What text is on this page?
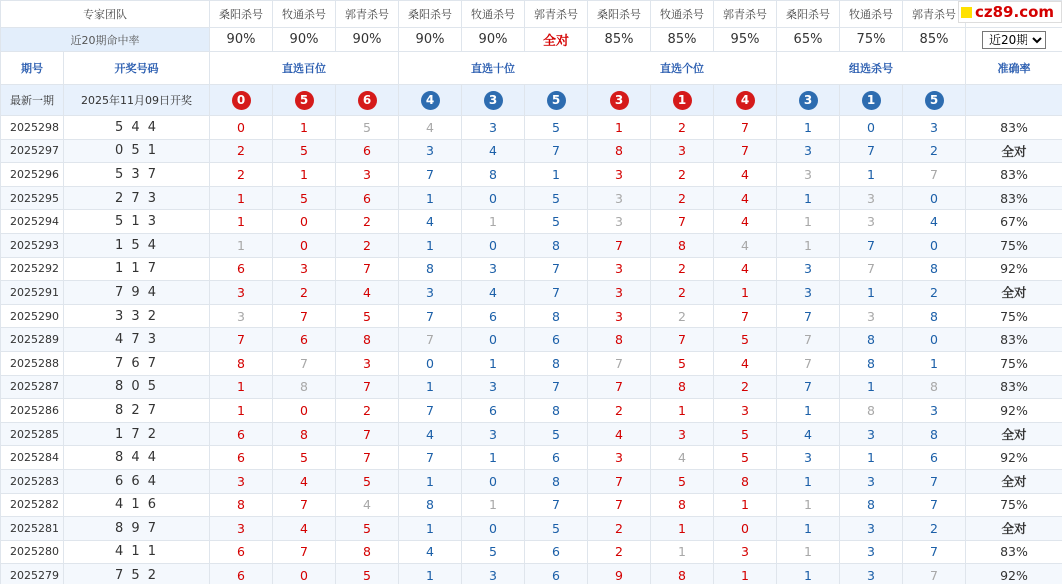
专家团队		桑阳杀号	牧通杀号	郭青杀号	桑阳杀号	牧通杀号	郭青杀号	桑阳杀号	牧通杀号	郭青杀号	桑阳杀号	牧通杀号	郭青杀号	
近20期命中率		90%	90%	90%	90%	90%	全对	85%	85%	95%	65%	75%	85%	
近20期
期号	开奖号码	直选百位			直选十位			直选个位			组选杀号			准确率
最新一期	2025年11月09日开奖	0	5	6	4	3	5	3	1	4	3	1	5	
2025298	5 4 4	0	1	5	4	3	5	1	2	7	1	0	3	83%
2025297	0 5 1	2	5	6	3	4	7	8	3	7	3	7	2	全对
2025296	5 3 7	2	1	3	7	8	1	3	2	4	3	1	7	83%
2025295	2 7 3	1	5	6	1	0	5	3	2	4	1	3	0	83%
2025294	5 1 3	1	0	2	4	1	5	3	7	4	1	3	4	67%
2025293	1 5 4	1	0	2	1	0	8	7	8	4	1	7	0	75%
2025292	1 1 7	6	3	7	8	3	7	3	2	4	3	7	8	92%
2025291	7 9 4	3	2	4	3	4	7	3	2	1	3	1	2	全对
2025290	3 3 2	3	7	5	7	6	8	3	2	7	7	3	8	75%
2025289	4 7 3	7	6	8	7	0	6	8	7	5	7	8	0	83%
2025288	7 6 7	8	7	3	0	1	8	7	5	4	7	8	1	75%
2025287	8 0 5	1	8	7	1	3	7	7	8	2	7	1	8	83%
2025286	8 2 7	1	0	2	7	6	8	2	1	3	1	8	3	92%
2025285	1 7 2	6	8	7	4	3	5	4	3	5	4	3	8	全对
2025284	8 4 4	6	5	7	7	1	6	3	4	5	3	1	6	92%
2025283	6 6 4	3	4	5	1	0	8	7	5	8	1	3	7	全对
2025282	4 1 6	8	7	4	8	1	7	7	8	1	1	8	7	75%
2025281	8 9 7	3	4	5	1	0	5	2	1	0	1	3	2	全对
2025280	4 1 1	6	7	8	4	5	6	2	1	3	1	3	7	83%
2025279	7 5 2	6	0	5	1	3	6	9	8	1	1	3	7	92%
cz89.com
